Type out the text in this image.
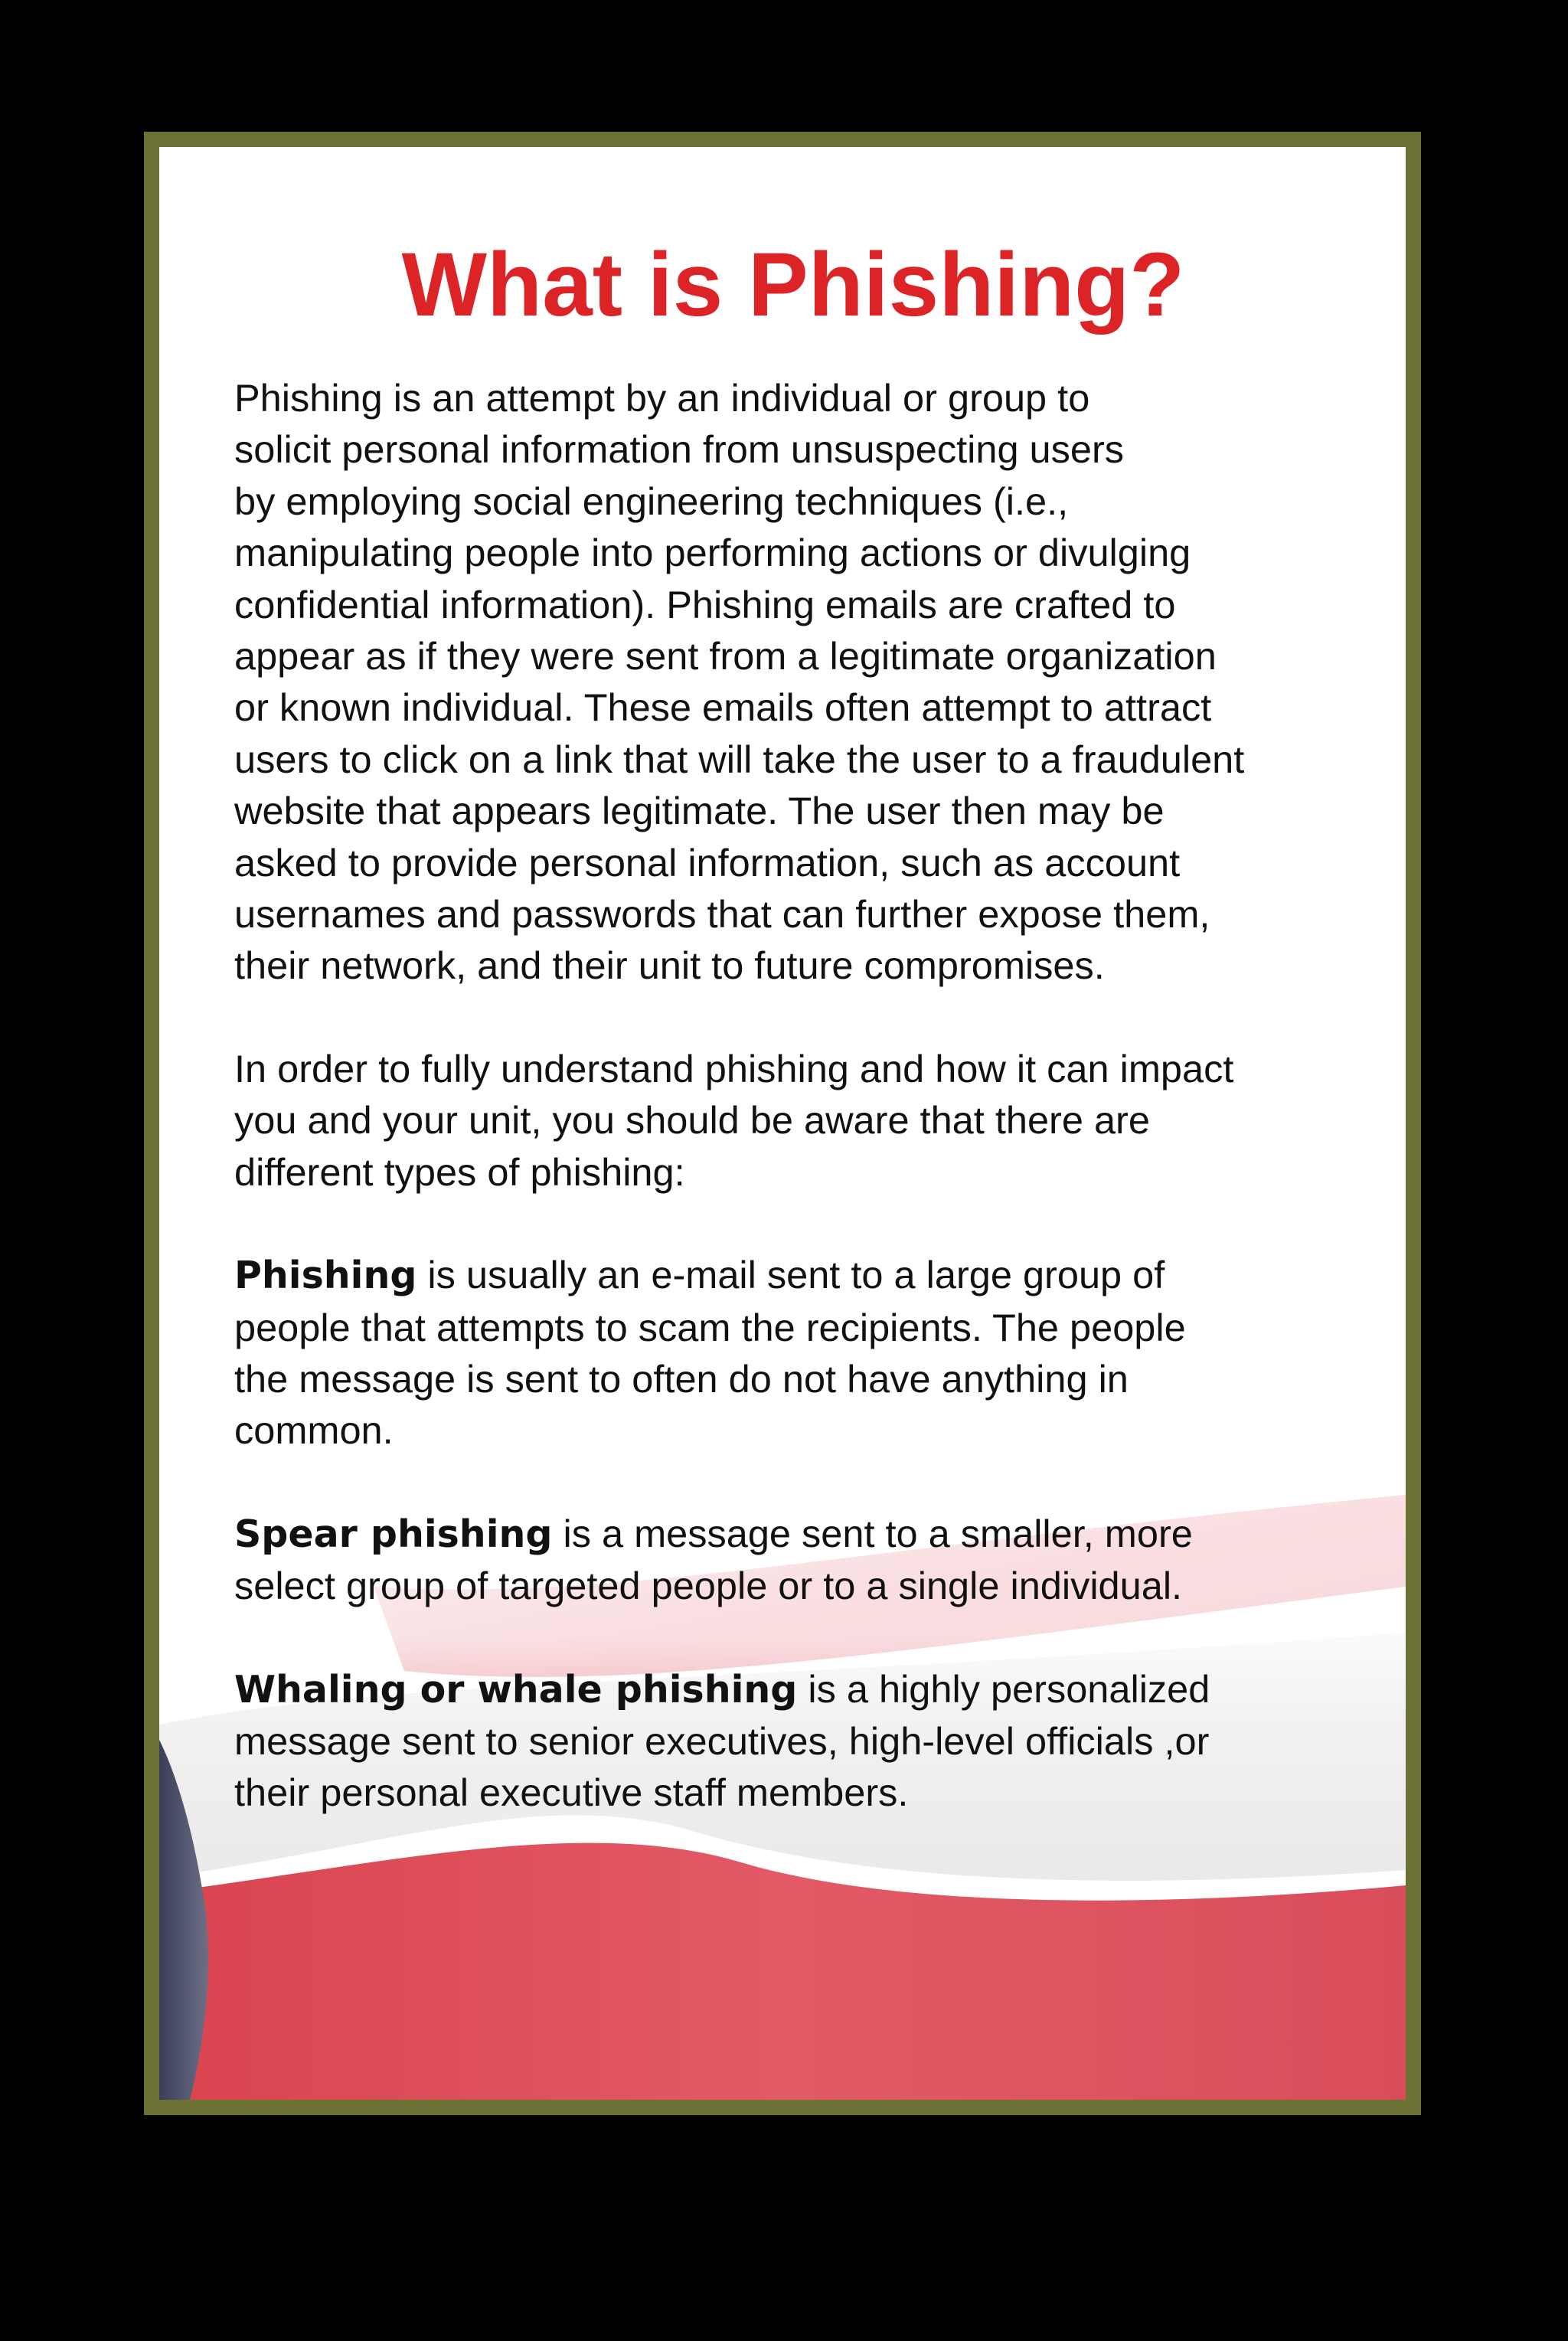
What is Phishing?

Phishing is an attempt by an individual or group to
solicit personal information from unsuspecting users
by employing social engineering techniques (i.e.,
manipulating people into performing actions or divulging
confidential information). Phishing emails are crafted to
appear as if they were sent from a legitimate organization
or known individual. These emails often attempt to attract
users to click on a link that will take the user to a fraudulent
website that appears legitimate. The user then may be
asked to provide personal information, such as account
usernames and passwords that can further expose them,
their network, and their unit to future compromises.

In order to fully understand phishing and how it can impact
you and your unit, you should be aware that there are
different types of phishing:

Phishing is usually an e-mail sent to a large group of
people that attempts to scam the recipients. The people
the message is sent to often do not have anything in
common.

Spear phishing is a message sent to a smaller, more
select group of targeted people or to a single individual.

Whaling or whale phishing is a highly personalized
message sent to senior executives, high-level officials ,or
their personal executive staff members.
